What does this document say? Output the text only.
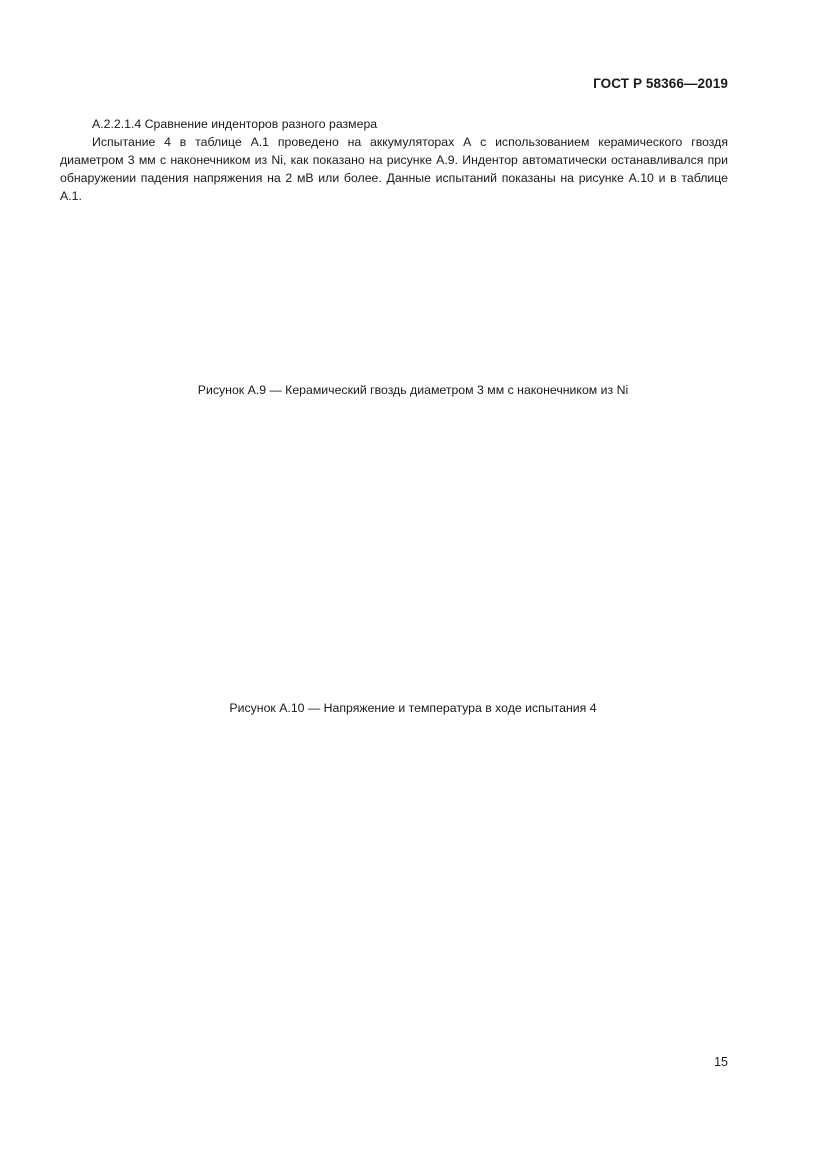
ГОСТ Р 58366—2019

А.2.2.1.4 Сравнение инденторов разного размера

Испытание 4 в таблице А.1 проведено на аккумуляторах А с использованием керамического гвоздя диаметром 3 мм с наконечником из Ni, как показано на рисунке А.9. Индентор автоматически останавливался при обнаружении падения напряжения на 2 мВ или более. Данные испытаний показаны на рисунке А.10 и в таблице А.1.

Рисунок А.9 — Керамический гвоздь диаметром 3 мм с наконечником из Ni
Рисунок А.10 — Напряжение и температура в ходе испытания 4
15
